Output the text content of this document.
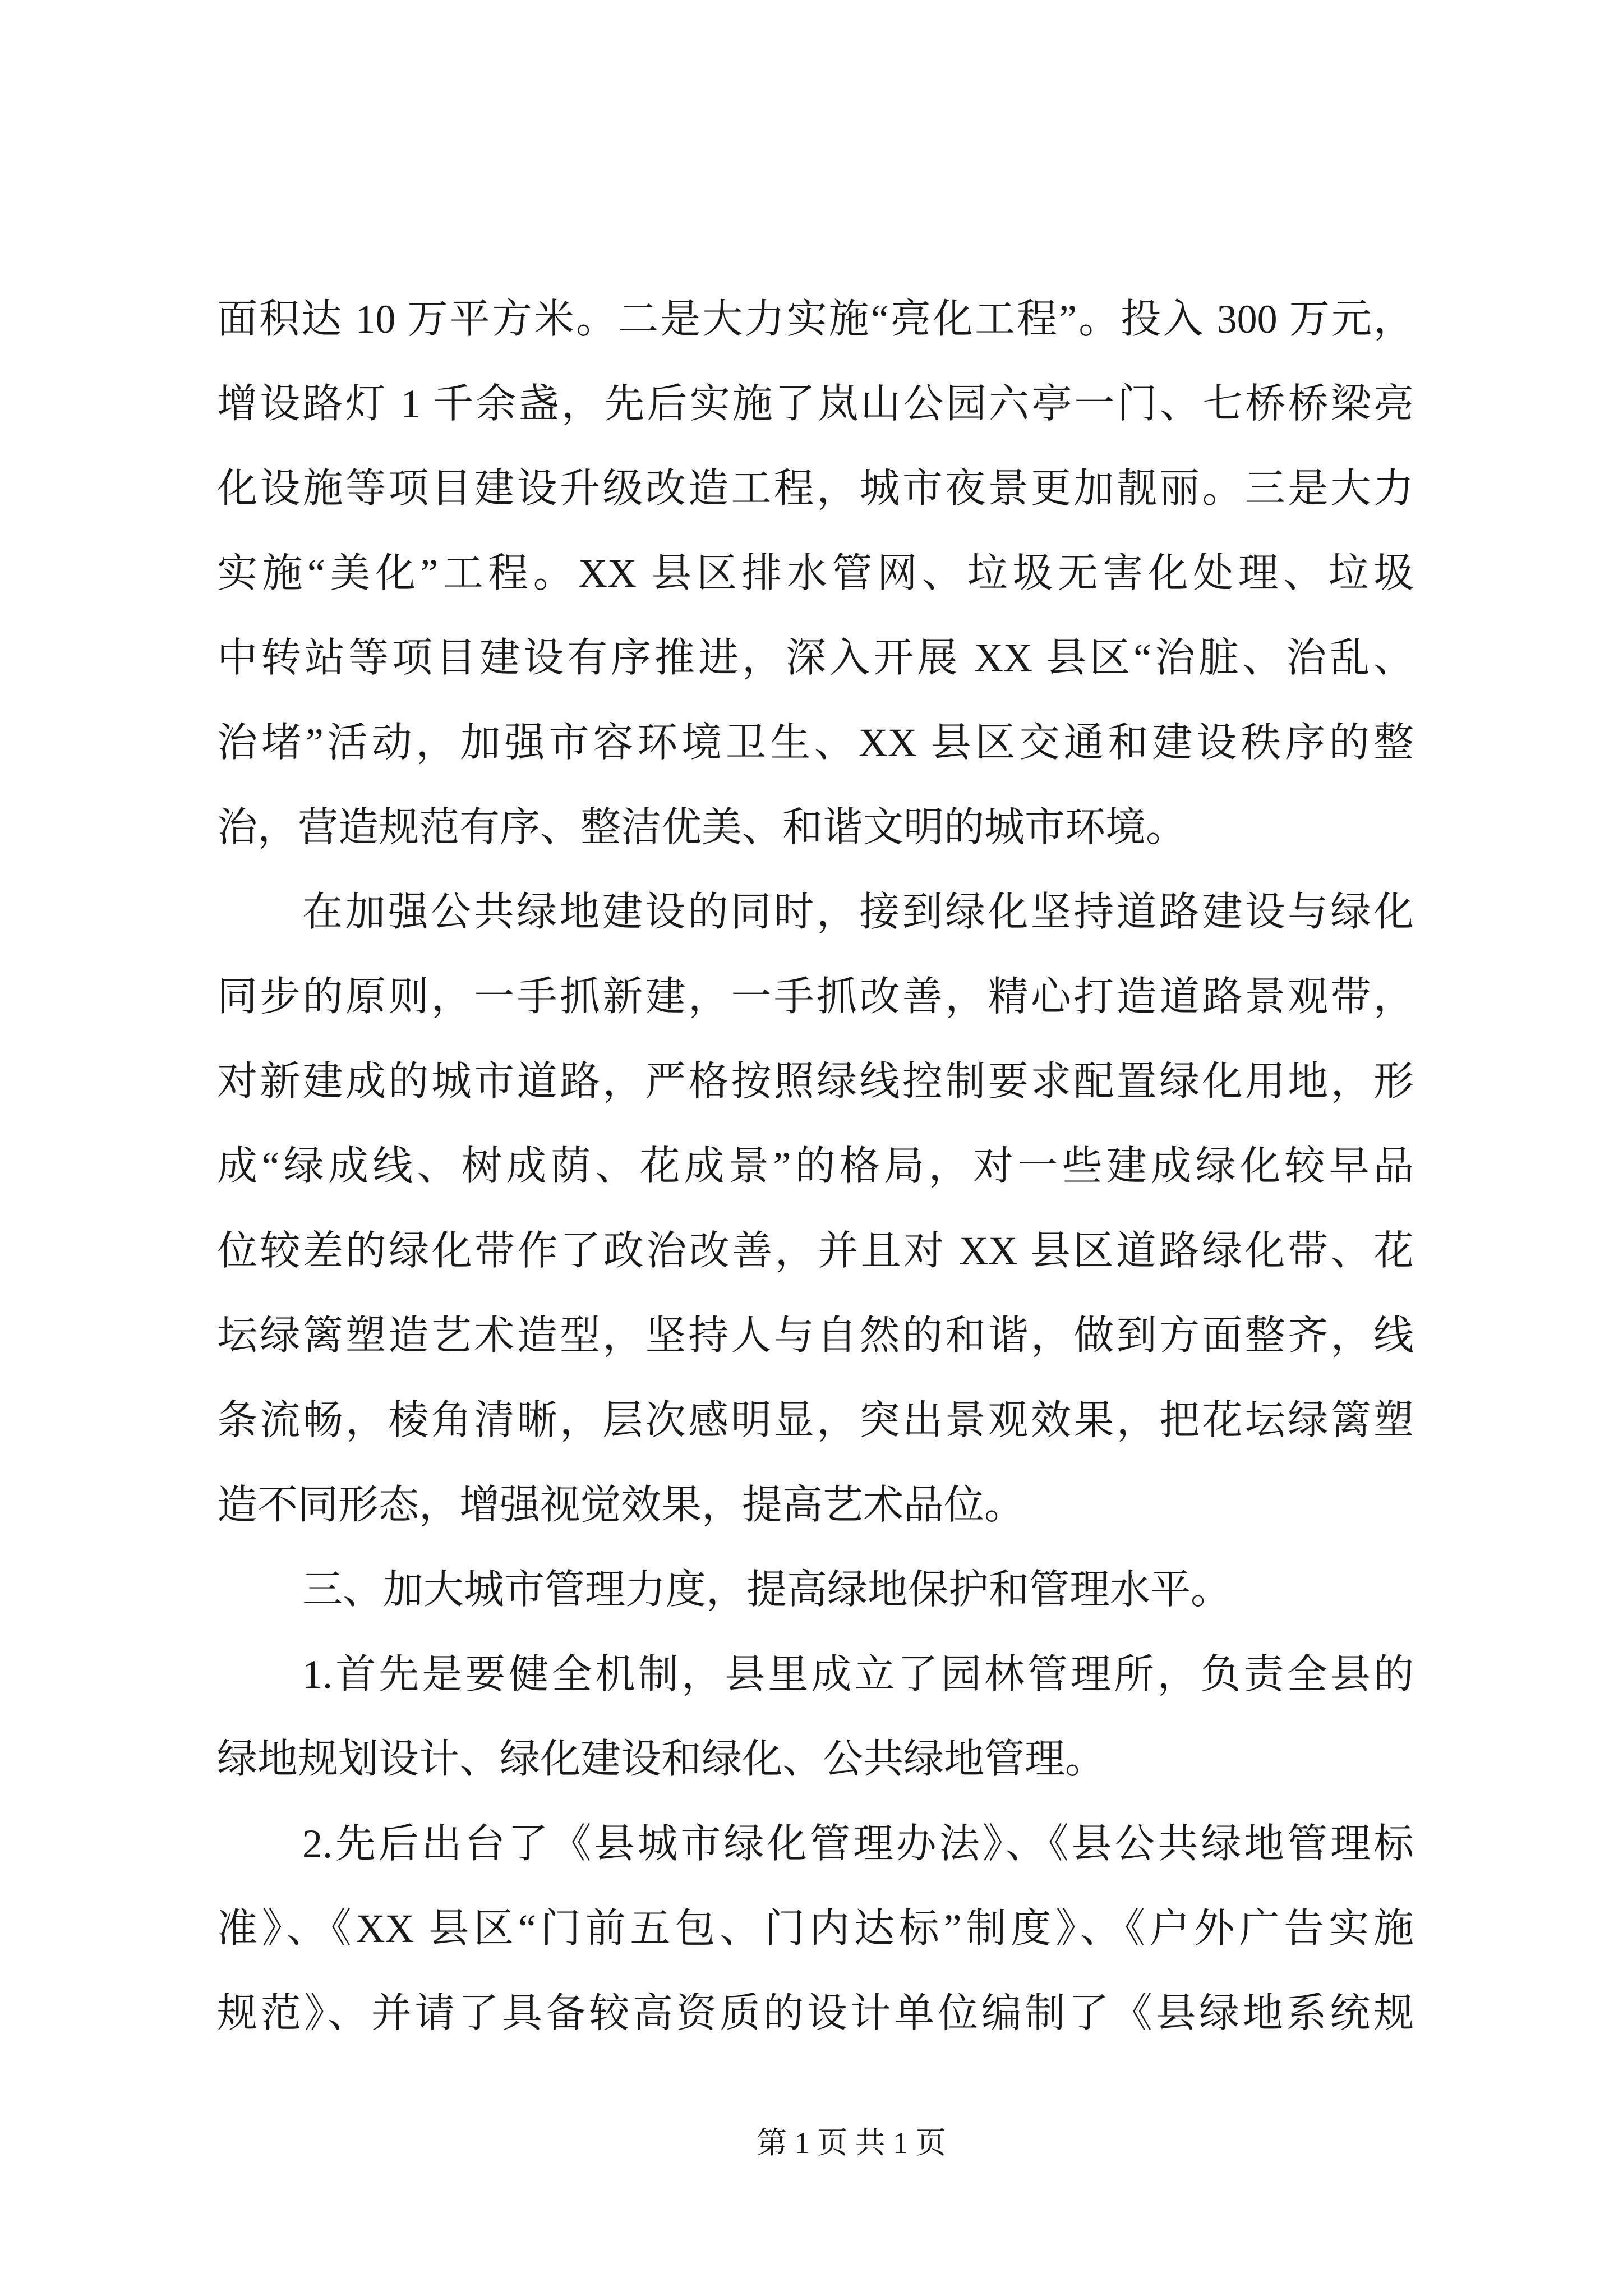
面积达 10 万平方米。二是大力实施“亮化工程”。投入 300 万元，
增设路灯 1 千余盏，先后实施了岚山公园六亭一门、七桥桥梁亮
化设施等项目建设升级改造工程，城市夜景更加靓丽。三是大力
实施“美化”工程。XX 县区排水管网、垃圾无害化处理、垃圾
中转站等项目建设有序推进，深入开展 XX 县区“治脏、治乱、
治堵”活动，加强市容环境卫生、XX 县区交通和建设秩序的整
治，营造规范有序、整洁优美、和谐文明的城市环境。
在加强公共绿地建设的同时，接到绿化坚持道路建设与绿化
同步的原则，一手抓新建，一手抓改善，精心打造道路景观带，
对新建成的城市道路，严格按照绿线控制要求配置绿化用地，形
成“绿成线、树成荫、花成景”的格局，对一些建成绿化较早品
位较差的绿化带作了政治改善，并且对 XX 县区道路绿化带、花
坛绿篱塑造艺术造型，坚持人与自然的和谐，做到方面整齐，线
条流畅，棱角清晰，层次感明显，突出景观效果，把花坛绿篱塑
造不同形态，增强视觉效果，提高艺术品位。
三、加大城市管理力度，提高绿地保护和管理水平。
1.首先是要健全机制，县里成立了园林管理所，负责全县的
绿地规划设计、绿化建设和绿化、公共绿地管理。
2.先后出台了《县城市绿化管理办法》、《县公共绿地管理标
准》、《XX 县区“门前五包、门内达标”制度》、《户外广告实施
规范》、并请了具备较高资质的设计单位编制了《县绿地系统规
第 1 页 共 1 页
